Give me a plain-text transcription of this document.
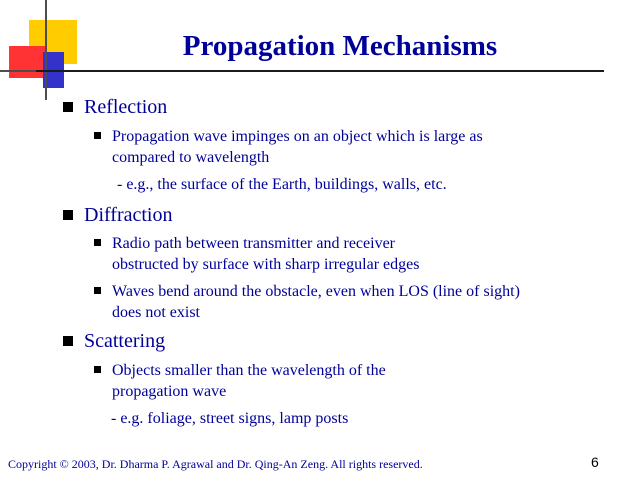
Propagation Mechanisms
Reflection
Propagation wave impinges on an object which is large as
compared to wavelength
- e.g., the surface of the Earth, buildings, walls, etc.
Diffraction
Radio path between transmitter and receiver
obstructed by surface with sharp irregular edges
Waves bend around the obstacle, even when LOS (line of sight)
does not exist
Scattering
Objects smaller than the wavelength of the
propagation wave
- e.g. foliage, street signs, lamp posts
Copyright © 2003, Dr. Dharma P. Agrawal and Dr. Qing-An Zeng. All rights reserved.	6
